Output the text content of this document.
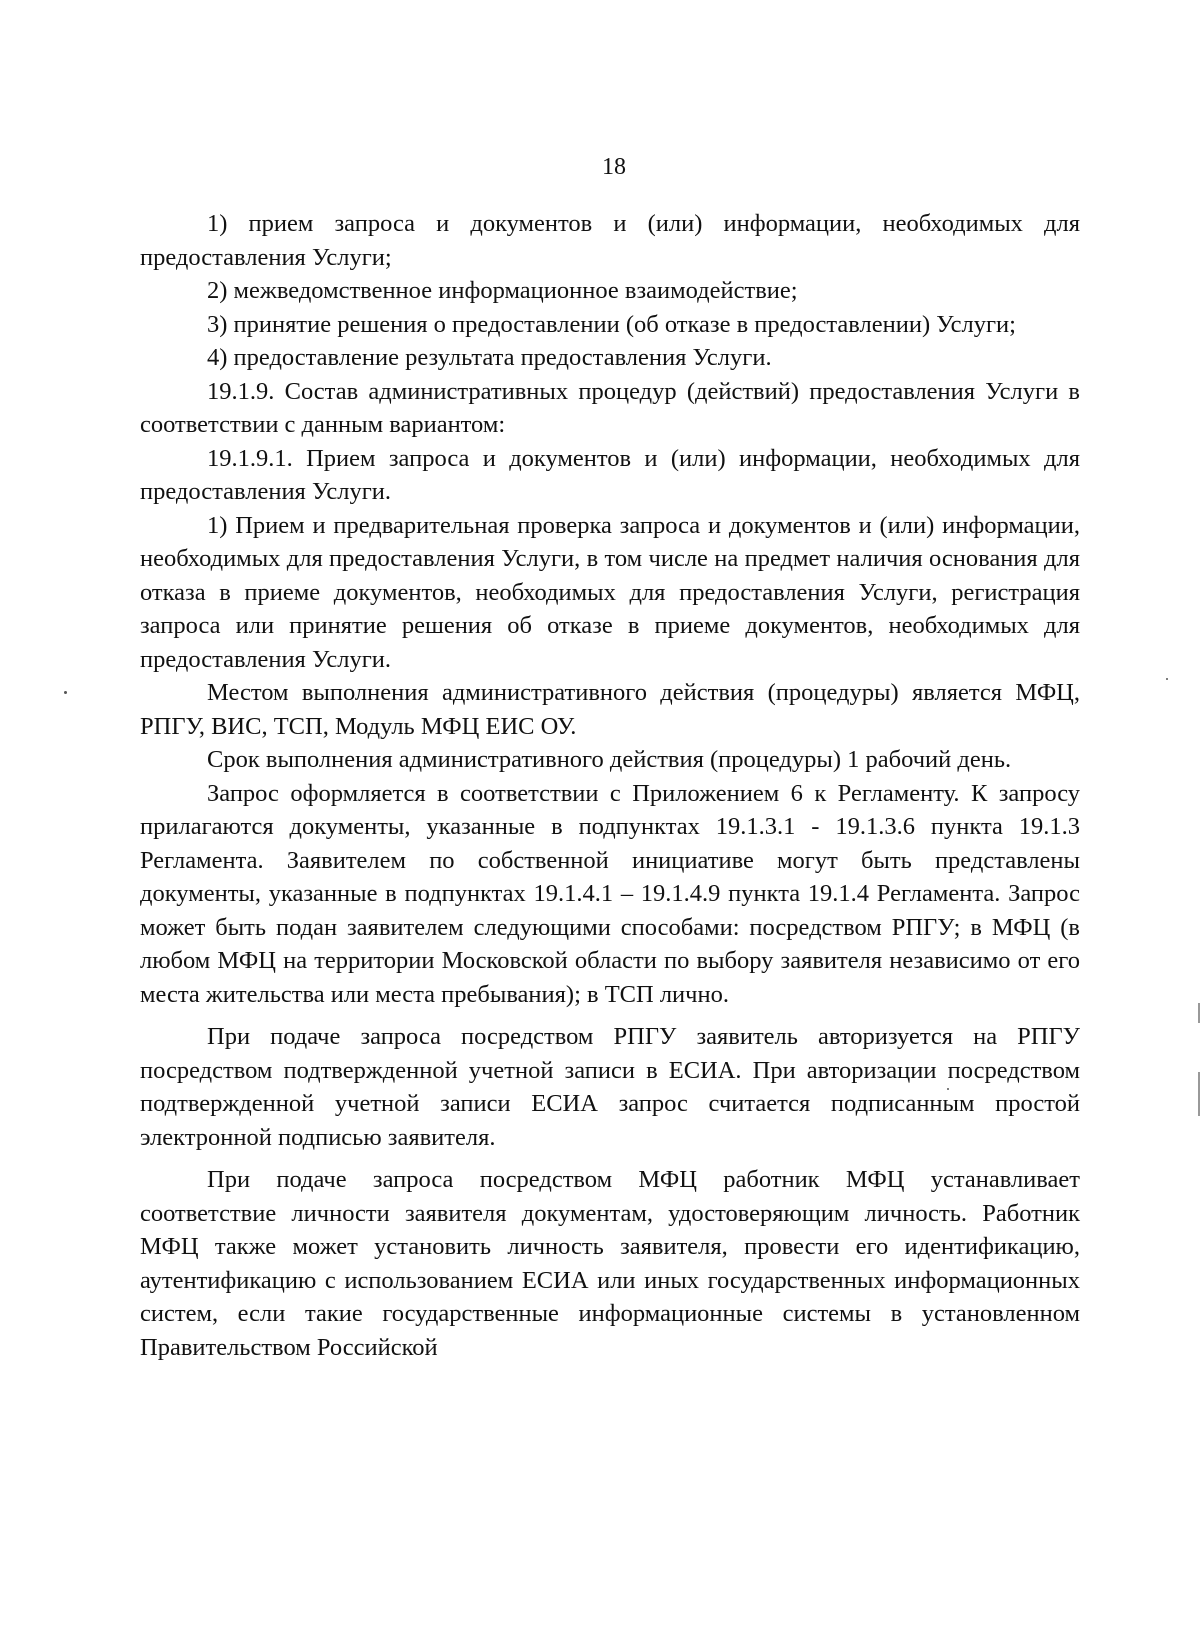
18

1) прием запроса и документов и (или) информации, необходимых для предоставления Услуги;

2) межведомственное информационное взаимодействие;

3) принятие решения о предоставлении (об отказе в предоставлении) Услуги;

4) предоставление результата предоставления Услуги.

19.1.9. Состав административных процедур (действий) предоставления Услуги в соответствии с данным вариантом:

19.1.9.1. Прием запроса и документов и (или) информации, необходимых для предоставления Услуги.

1) Прием и предварительная проверка запроса и документов и (или) информации, необходимых для предоставления Услуги, в том числе на предмет наличия основания для отказа в приеме документов, необходимых для предоставления Услуги, регистрация запроса или принятие решения об отказе в приеме документов, необходимых для предоставления Услуги.

Местом выполнения административного действия (процедуры) является МФЦ, РПГУ, ВИС, ТСП, Модуль МФЦ ЕИС ОУ.

Срок выполнения административного действия (процедуры) 1 рабочий день.

Запрос оформляется в соответствии с Приложением 6 к Регламенту. К запросу прилагаются документы, указанные в подпунктах 19.1.3.1 - 19.1.3.6 пункта 19.1.3 Регламента. Заявителем по собственной инициативе могут быть представлены документы, указанные в подпунктах 19.1.4.1 – 19.1.4.9 пункта 19.1.4 Регламента. Запрос может быть подан заявителем следующими способами: посредством РПГУ; в МФЦ (в любом МФЦ на территории Московской области по выбору заявителя независимо от его места жительства или места пребывания); в ТСП лично.

При подаче запроса посредством РПГУ заявитель авторизуется на РПГУ посредством подтвержденной учетной записи в ЕСИА. При авторизации посредством подтвержденной учетной записи ЕСИА запрос считается подписанным простой электронной подписью заявителя.

При подаче запроса посредством МФЦ работник МФЦ устанавливает соответствие личности заявителя документам, удостоверяющим личность. Работник МФЦ также может установить личность заявителя, провести его идентификацию, аутентификацию с использованием ЕСИА или иных государственных информационных систем, если такие государственные информационные системы в установленном Правительством Российской
